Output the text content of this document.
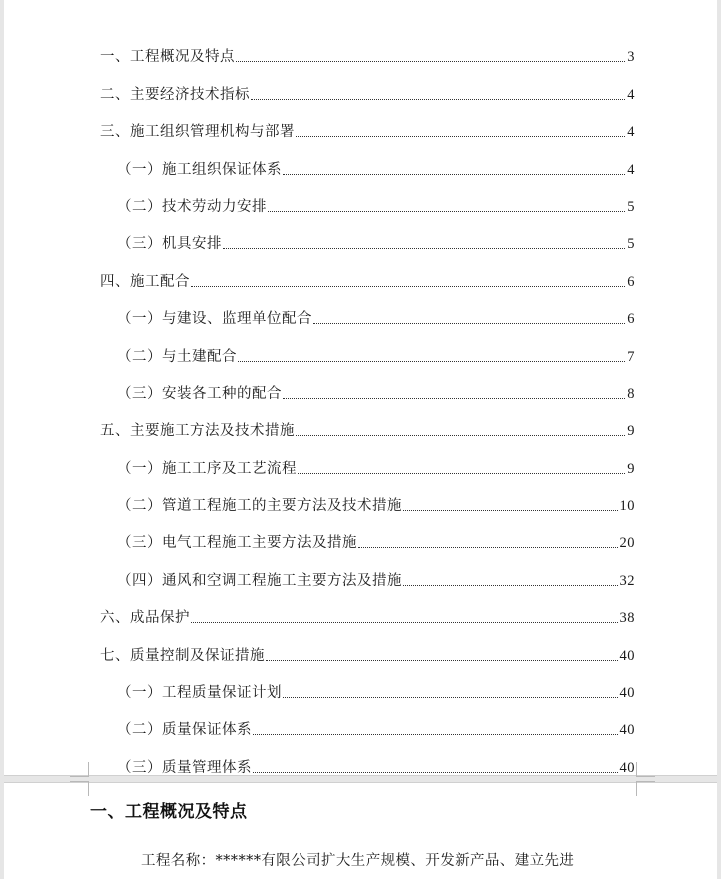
一、工程概况及特点	3
二、主要经济技术指标	4
三、施工组织管理机构与部署	4
（一）施工组织保证体系	4
（二）技术劳动力安排	5
（三）机具安排	5
四、施工配合	6
（一）与建设、监理单位配合	6
（二）与土建配合	7
（三）安装各工种的配合	8
五、主要施工方法及技术措施	9
（一）施工工序及工艺流程	9
（二）管道工程施工的主要方法及技术措施	10
（三）电气工程施工主要方法及措施	20
（四）通风和空调工程施工主要方法及措施	32
六、成品保护	38
七、质量控制及保证措施	40
（一）工程质量保证计划	40
（二）质量保证体系	40
（三）质量管理体系	40
一、工程概况及特点
工程名称：******有限公司扩大生产规模、开发新产品、建立先进
